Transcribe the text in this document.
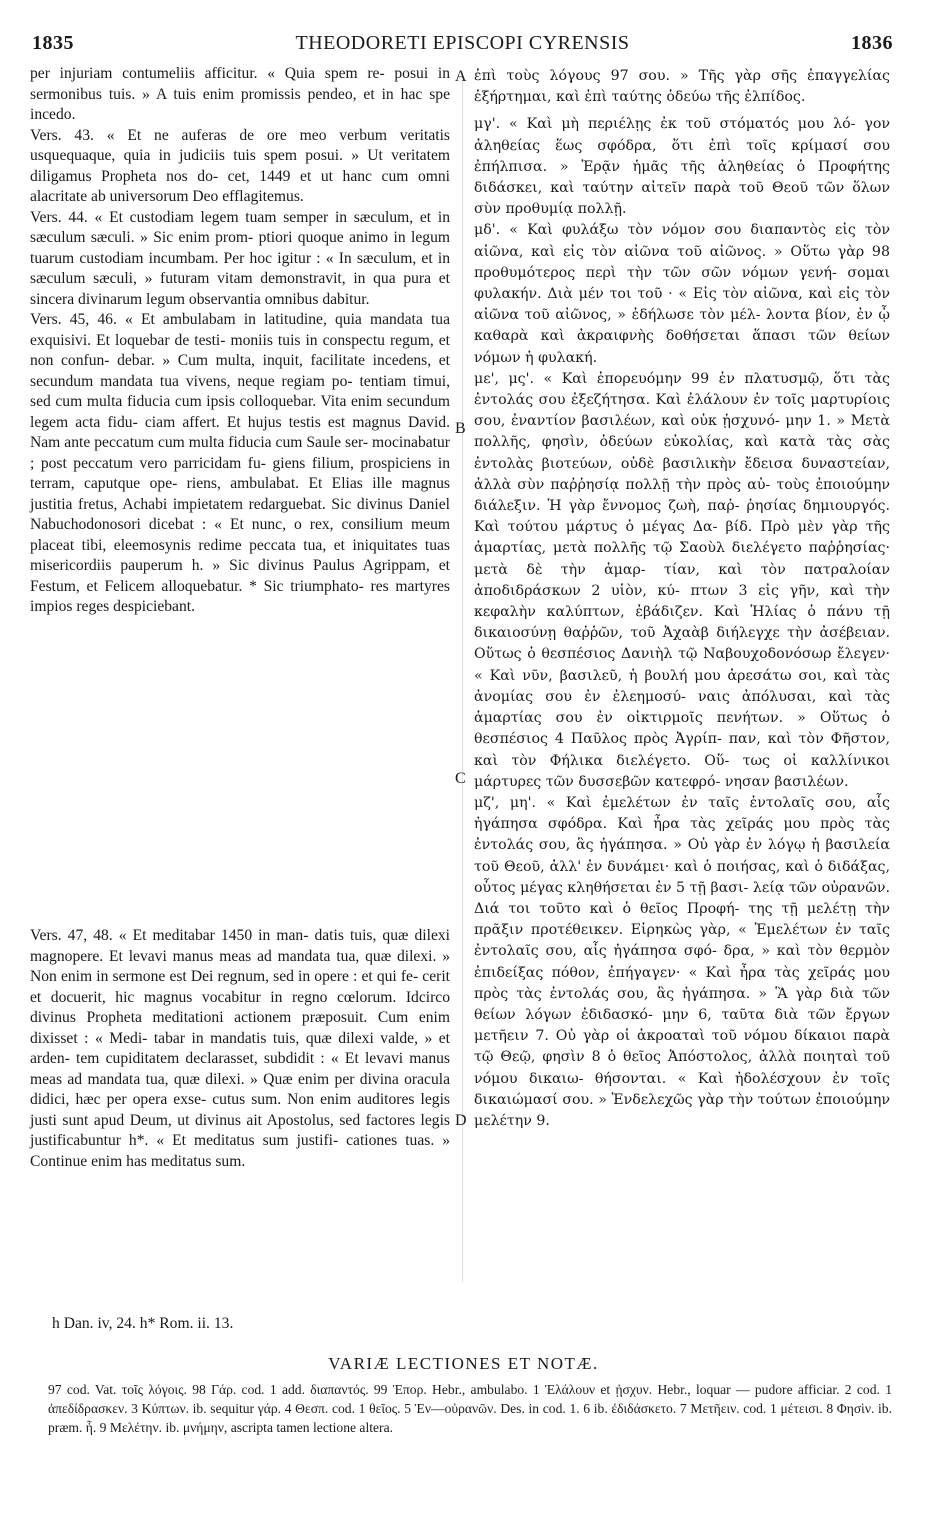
1835	THEODORETI EPISCOPI CYRENSIS	1836

per injuriam contumeliis afficitur. « Quia spem re- posui in sermonibus tuis. » A tuis enim promissis pendeo, et in hac spe incedo.

Vers. 43. « Et ne auferas de ore meo verbum veritatis usquequaque, quia in judiciis tuis spem posui. » Ut veritatem diligamus Propheta nos do- cet, 1449 et ut hanc cum omni alacritate ab universorum Deo efflagitemus.

Vers. 44. « Et custodiam legem tuam semper in sæculum, et in sæculum sæculi. » Sic enim prom- ptiori quoque animo in legum tuarum custodiam incumbam. Per hoc igitur : « In sæculum, et in sæculum sæculi, » futuram vitam demonstravit, in qua pura et sincera divinarum legum observantia omnibus dabitur.

Vers. 45, 46. « Et ambulabam in latitudine, quia mandata tua exquisivi. Et loquebar de testi- moniis tuis in conspectu regum, et non confun- debar. » Cum multa, inquit, facilitate incedens, et secundum mandata tua vivens, neque regiam po- tentiam timui, sed cum multa fiducia cum ipsis colloquebar. Vita enim secundum legem acta fidu- ciam affert. Et hujus testis est magnus David. Nam ante peccatum cum multa fiducia cum Saule ser- mocinabatur ; post peccatum vero parricidam fu- giens filium, prospiciens in terram, caputque ope- riens, ambulabat. Et Elias ille magnus justitia fretus, Achabi impietatem redarguebat. Sic divinus Daniel Nabuchodonosori dicebat : « Et nunc, o rex, consilium meum placeat tibi, eleemosynis redime peccata tua, et iniquitates tuas misericordiis pauperum h. » Sic divinus Paulus Agrippam, et Festum, et Felicem alloquebatur. * Sic triumphato- res martyres impios reges despiciebant.

Vers. 47, 48. « Et meditabar 1450 in man- datis tuis, quæ dilexi magnopere. Et levavi manus meas ad mandata tua, quæ dilexi. » Non enim in sermone est Dei regnum, sed in opere : et qui fe- cerit et docuerit, hic magnus vocabitur in regno cœlorum. Idcirco divinus Propheta meditationi actionem præposuit. Cum enim dixisset : « Medi- tabar in mandatis tuis, quæ dilexi valde, » et arden- tem cupiditatem declarasset, subdidit : « Et levavi manus meas ad mandata tua, quæ dilexi. » Quæ enim per divina oracula didici, hæc per opera exse- cutus sum. Non enim auditores legis justi sunt apud Deum, ut divinus ait Apostolus, sed factores legis justificabuntur h*. « Et meditatus sum justifi- cationes tuas. » Continue enim has meditatus sum.

ἐπὶ τοὺς λόγους 97 σου. » Τῆς γὰρ σῆς ἐπαγγελίας ἐξήρτημαι, καὶ ἐπὶ ταύτης ὁδεύω τῆς ἐλπίδος.

μγ'. « Καὶ μὴ περιέλῃς ἐκ τοῦ στόματός μου λό- γον ἀληθείας ἕως σφόδρα, ὅτι ἐπὶ τοῖς κρίμασί σου ἐπήλπισα. » Ἐρᾷν ἡμᾶς τῆς ἀληθείας ὁ Προφήτης διδάσκει, καὶ ταύτην αἰτεῖν παρὰ τοῦ Θεοῦ τῶν ὅλων σὺν προθυμίᾳ πολλῇ.

μδ'. « Καὶ φυλάξω τὸν νόμον σου διαπαντὸς εἰς τὸν αἰῶνα, καὶ εἰς τὸν αἰῶνα τοῦ αἰῶνος. » Οὕτω γὰρ 98 προθυμότερος περὶ τὴν τῶν σῶν νόμων γενή- σομαι φυλακήν. Διὰ μέν τοι τοῦ · « Εἰς τὸν αἰῶνα, καὶ εἰς τὸν αἰῶνα τοῦ αἰῶνος, » ἐδήλωσε τὸν μέλ- λοντα βίον, ἐν ᾧ καθαρὰ καὶ ἀκραιφνὴς δοθήσεται ἅπασι τῶν θείων νόμων ἡ φυλακή.

με', μς'. « Καὶ ἐπορευόμην 99 ἐν πλατυσμῷ, ὅτι τὰς ἐντολάς σου ἐξεζήτησα. Καὶ ἐλάλουν ἐν τοῖς μαρτυρίοις σου, ἐναντίον βασιλέων, καὶ οὐκ ᾐσχυνό- μην 1. » Μετὰ πολλῆς, φησὶν, ὁδεύων εὐκολίας, καὶ κατὰ τὰς σὰς ἐντολὰς βιοτεύων, οὐδὲ βασιλικὴν ἔδεισα δυναστείαν, ἀλλὰ σὺν παῤῥησίᾳ πολλῇ τὴν πρὸς αὐ- τοὺς ἐποιούμην διάλεξιν. Ἡ γὰρ ἔννομος ζωὴ, παῤ- ῥησίας δημιουργός. Καὶ τούτου μάρτυς ὁ μέγας Δα- βίδ. Πρὸ μὲν γὰρ τῆς ἁμαρτίας, μετὰ πολλῆς τῷ Σαοὺλ διελέγετο παῤῥησίας· μετὰ δὲ τὴν ἁμαρ- τίαν, καὶ τὸν πατραλοίαν ἀποδιδράσκων 2 υἱὸν, κύ- πτων 3 εἰς γῆν, καὶ τὴν κεφαλὴν καλύπτων, ἐβάδιζεν. Καὶ Ἡλίας ὁ πάνυ τῇ δικαιοσύνῃ θαῤῥῶν, τοῦ Ἀχαὰβ διήλεγχε τὴν ἀσέβειαν. Οὕτως ὁ θεσπέσιος Δανιὴλ τῷ Ναβουχοδονόσωρ ἔλεγεν· « Καὶ νῦν, βασιλεῦ, ἡ βουλή μου ἀρεσάτω σοι, καὶ τὰς ἀνομίας σου ἐν ἐλεημοσύ- ναις ἀπόλυσαι, καὶ τὰς ἁμαρτίας σου ἐν οἰκτιρμοῖς πενήτων. » Οὕτως ὁ θεσπέσιος 4 Παῦλος πρὸς Ἀγρίπ- παν, καὶ τὸν Φῆστον, καὶ τὸν Φήλικα διελέγετο. Οὕ- τως οἱ καλλίνικοι μάρτυρες τῶν δυσσεβῶν κατεφρό- νησαν βασιλέων.

μζ', μη'. « Καὶ ἐμελέτων ἐν ταῖς ἐντολαῖς σου, αἷς ἠγάπησα σφόδρα. Καὶ ἦρα τὰς χεῖράς μου πρὸς τὰς ἐντολάς σου, ἃς ἠγάπησα. » Οὐ γὰρ ἐν λόγῳ ἡ βασιλεία τοῦ Θεοῦ, ἀλλ' ἐν δυνάμει· καὶ ὁ ποιήσας, καὶ ὁ διδάξας, οὗτος μέγας κληθήσεται ἐν 5 τῇ βασι- λείᾳ τῶν οὐρανῶν. Διά τοι τοῦτο καὶ ὁ θεῖος Προφή- της τῇ μελέτῃ τὴν πρᾶξιν προτέθεικεν. Εἰρηκὼς γὰρ, « Ἐμελέτων ἐν ταῖς ἐντολαῖς σου, αἷς ἠγάπησα σφό- δρα, » καὶ τὸν θερμὸν ἐπιδείξας πόθον, ἐπήγαγεν· « Καὶ ἦρα τὰς χεῖράς μου πρὸς τὰς ἐντολάς σου, ἃς ἠγάπησα. » Ἃ γὰρ διὰ τῶν θείων λόγων ἐδιδασκό- μην 6, ταῦτα διὰ τῶν ἔργων μετῆειν 7. Οὐ γὰρ οἱ ἀκροαταὶ τοῦ νόμου δίκαιοι παρὰ τῷ Θεῷ, φησὶν 8 ὁ θεῖος Ἀπόστολος, ἀλλὰ ποιηταὶ τοῦ νόμου δικαιω- θήσονται. « Καὶ ἠδολέσχουν ἐν τοῖς δικαιώμασί σου. » Ἐνδελεχῶς γὰρ τὴν τούτων ἐποιούμην μελέτην 9.

A
B
C
D
h Dan. iv, 24. h* Rom. ii. 13.
VARIÆ LECTIONES ET NOTÆ.

97 cod. Vat. τοῖς λόγοις. 98 Γάρ. cod. 1 add. διαπαντός. 99 Ἐπορ. Hebr., ambulabo. 1 Ἐλάλουν et ᾐσχυν. Hebr., loquar — pudore afficiar. 2 cod. 1 ἀπεδίδρασκεν. 3 Κύπτων. ib. sequitur γάρ. 4 Θεσπ. cod. 1 θεῖος. 5 Ἐν—οὐρανῶν. Des. in cod. 1. 6 ib. ἐδιδάσκετο. 7 Μετῆειν. cod. 1 μέτεισι. 8 Φησὶν. ib. præm. ἧ. 9 Μελέτην. ib. μνήμην, ascripta tamen lectione altera.
